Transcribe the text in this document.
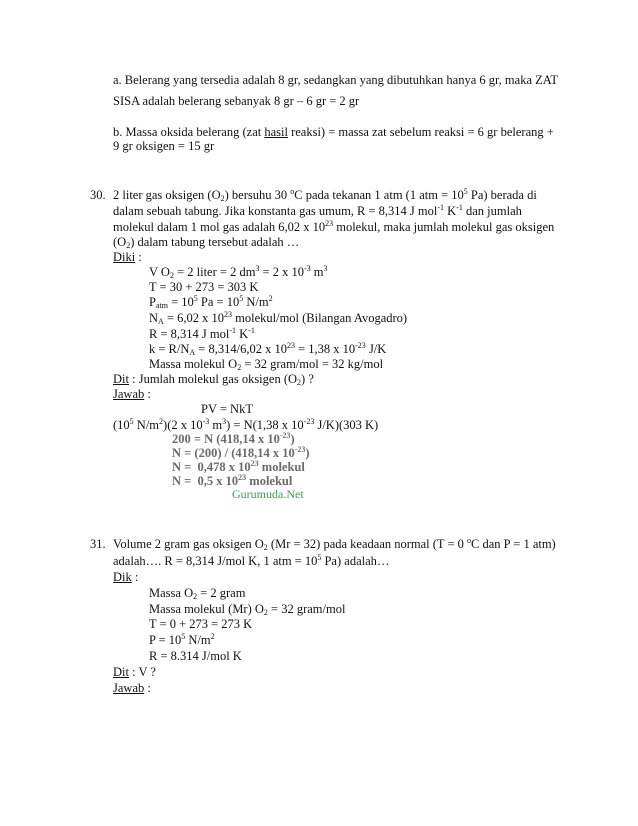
a. Belerang yang tersedia adalah 8 gr, sedangkan yang dibutuhkan hanya 6 gr, maka ZAT
SISA adalah belerang sebanyak 8 gr – 6 gr = 2 gr
b. Massa oksida belerang (zat hasil reaksi) = massa zat sebelum reaksi = 6 gr belerang +
9 gr oksigen = 15 gr
30. 2 liter gas oksigen $(O_2)$ bersuhu 30 $^o$C pada tekanan 1 atm (1 atm = $10^5$ Pa) berada di
dalam sebuah tabung. Jika konstanta gas umum, R = 8,314 J mol$^{-1}$ $K^{-1}$ dan jumlah
molekul dalam 1 mol gas adalah 6,02 x $10^{23}$ molekul, maka jumlah molekul gas oksigen
$(O_2)$ dalam tabung tersebut adalah …
Diki :
V $O_2 = 2$ liter = 2 $dm^3 = 2$ x $10^{-3}$ $m^3$
T = 30 + 273 = 303 K
$P_{atm} = 10^5$ $Pa = 10^5$ $N/m^2$
$N_A = 6,02$ x $10^{23}$ molekul/mol (Bilangan Avogadro)
R = 8,314 J mol$^{-1}$ $K^{-1}$
$k = R/N_A = 8,314/6,02$ x $10^{23} = 1,38$ x $10^{-23}$ J/K
Massa molekul $O_2 = 32$ gram/mol = 32 kg/mol
Dit : Jumlah molekul gas oksigen $(O_2)$ ?
Jawab :
PV = NkT
($10^5$ $N/m^2)(2$ x $10^{-3}$ $m^3) = N(1,38$ x $10^{-23}$ J/K)(303 K)
200 = N (418,14 x $10^{-23}$)
N = (200) / (418,14 x $10^{-23}$)
N =  0,478 x $10^{23}$ molekul
N =  0,5 x $10^{23}$ molekul
Gurumuda.Net
31. Volume 2 gram gas oksigen $O_2$ (Mr = 32) pada keadaan normal (T = 0 $^o$C dan P = 1 atm)
adalah…. R = 8,314 J/mol K, 1 atm = $10^5$ Pa) adalah…
Dik :
Massa $O_2 = 2$ gram
Massa molekul (Mr) $O_2 = 32$ gram/mol
T = 0 + 273 = 273 K
$P = 10^5$ $N/m^2$
R = 8.314 J/mol K
Dit : V ?
Jawab :
